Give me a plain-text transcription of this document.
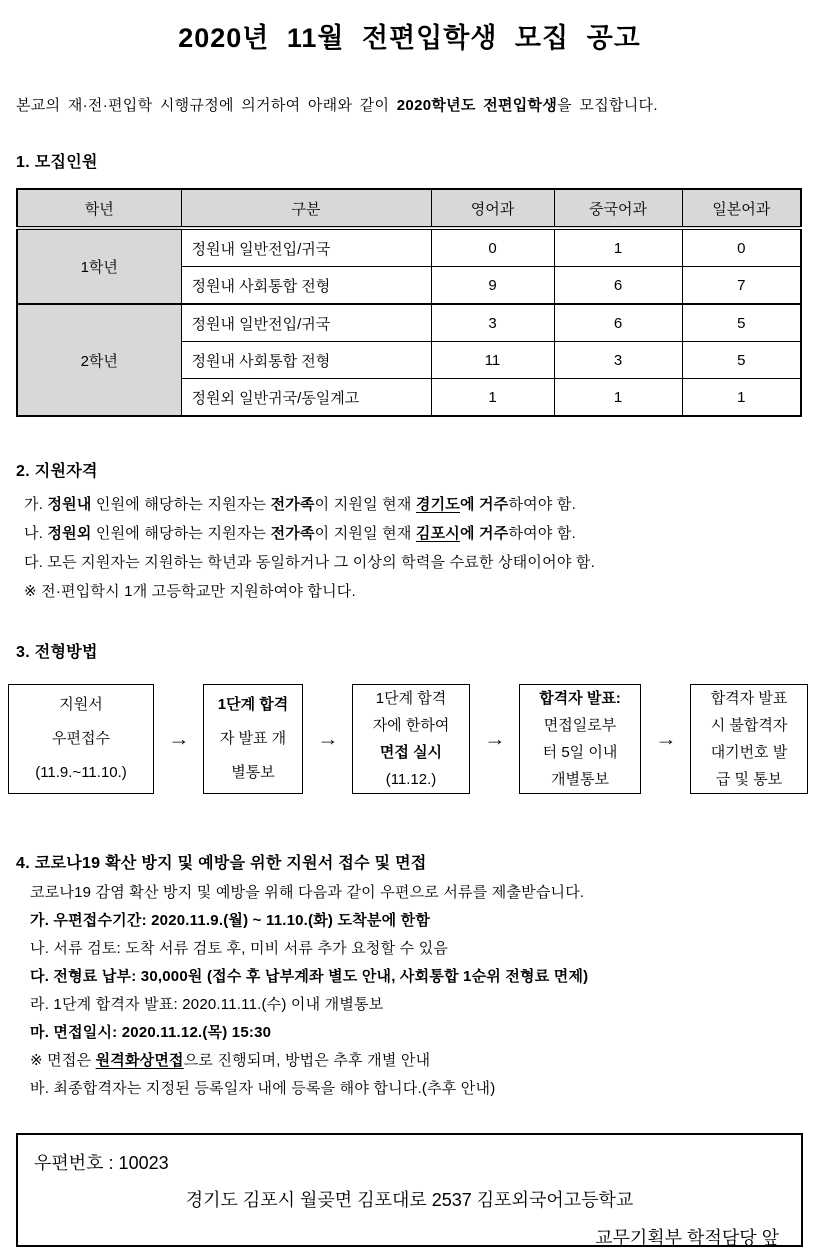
2020년 11월 전편입학생 모집 공고

본교의 재·전·편입학 시행규정에 의거하여 아래와 같이 2020학년도 전편입학생을 모집합니다.

1. 모집인원

학년	구분	영어과	중국어과	일본어과
1학년	정원내 일반전입/귀국	0	1	0
	정원내 사회통합 전형	9	6	7
2학년	정원내 일반전입/귀국	3	6	5
	정원내 사회통합 전형	11	3	5
	정원외 일반귀국/동일계고	1	1	1

2. 지원자격

가. 정원내 인원에 해당하는 지원자는 전가족이 지원일 현재 경기도에 거주하여야 함.

나. 정원외 인원에 해당하는 지원자는 전가족이 지원일 현재 김포시에 거주하여야 함.

다. 모든 지원자는 지원하는 학년과 동일하거나 그 이상의 학력을 수료한 상태이어야 함.

※ 전·편입학시 1개 고등학교만 지원하여야 합니다.

3. 전형방법

지원서
우편접수
(11.9.~11.10.)
→
1단계 합격
자 발표 개
별통보
→
1단계 합격
자에 한하여
면접 실시
(11.12.)
→
합격자 발표:
면접일로부
터 5일 이내
개별통보
→
합격자 발표
시 불합격자
대기번호 발
급 및 통보

4. 코로나19 확산 방지 및 예방을 위한 지원서 접수 및 면접

코로나19 감염 확산 방지 및 예방을 위해 다음과 같이 우편으로 서류를 제출받습니다.

가. 우편접수기간: 2020.11.9.(월) ~ 11.10.(화) 도착분에 한함

나. 서류 검토: 도착 서류 검토 후, 미비 서류 추가 요청할 수 있음

다. 전형료 납부: 30,000원 (접수 후 납부계좌 별도 안내, 사회통합 1순위 전형료 면제)

라. 1단계 합격자 발표: 2020.11.11.(수) 이내 개별통보

마. 면접일시: 2020.11.12.(목) 15:30

※ 면접은 원격화상면접으로 진행되며, 방법은 추후 개별 안내

바. 최종합격자는 지정된 등록일자 내에 등록을 해야 합니다.(추후 안내)

우편번호 : 10023
경기도 김포시 월곶면 김포대로 2537 김포외국어고등학교
교무기획부 학적담당 앞
